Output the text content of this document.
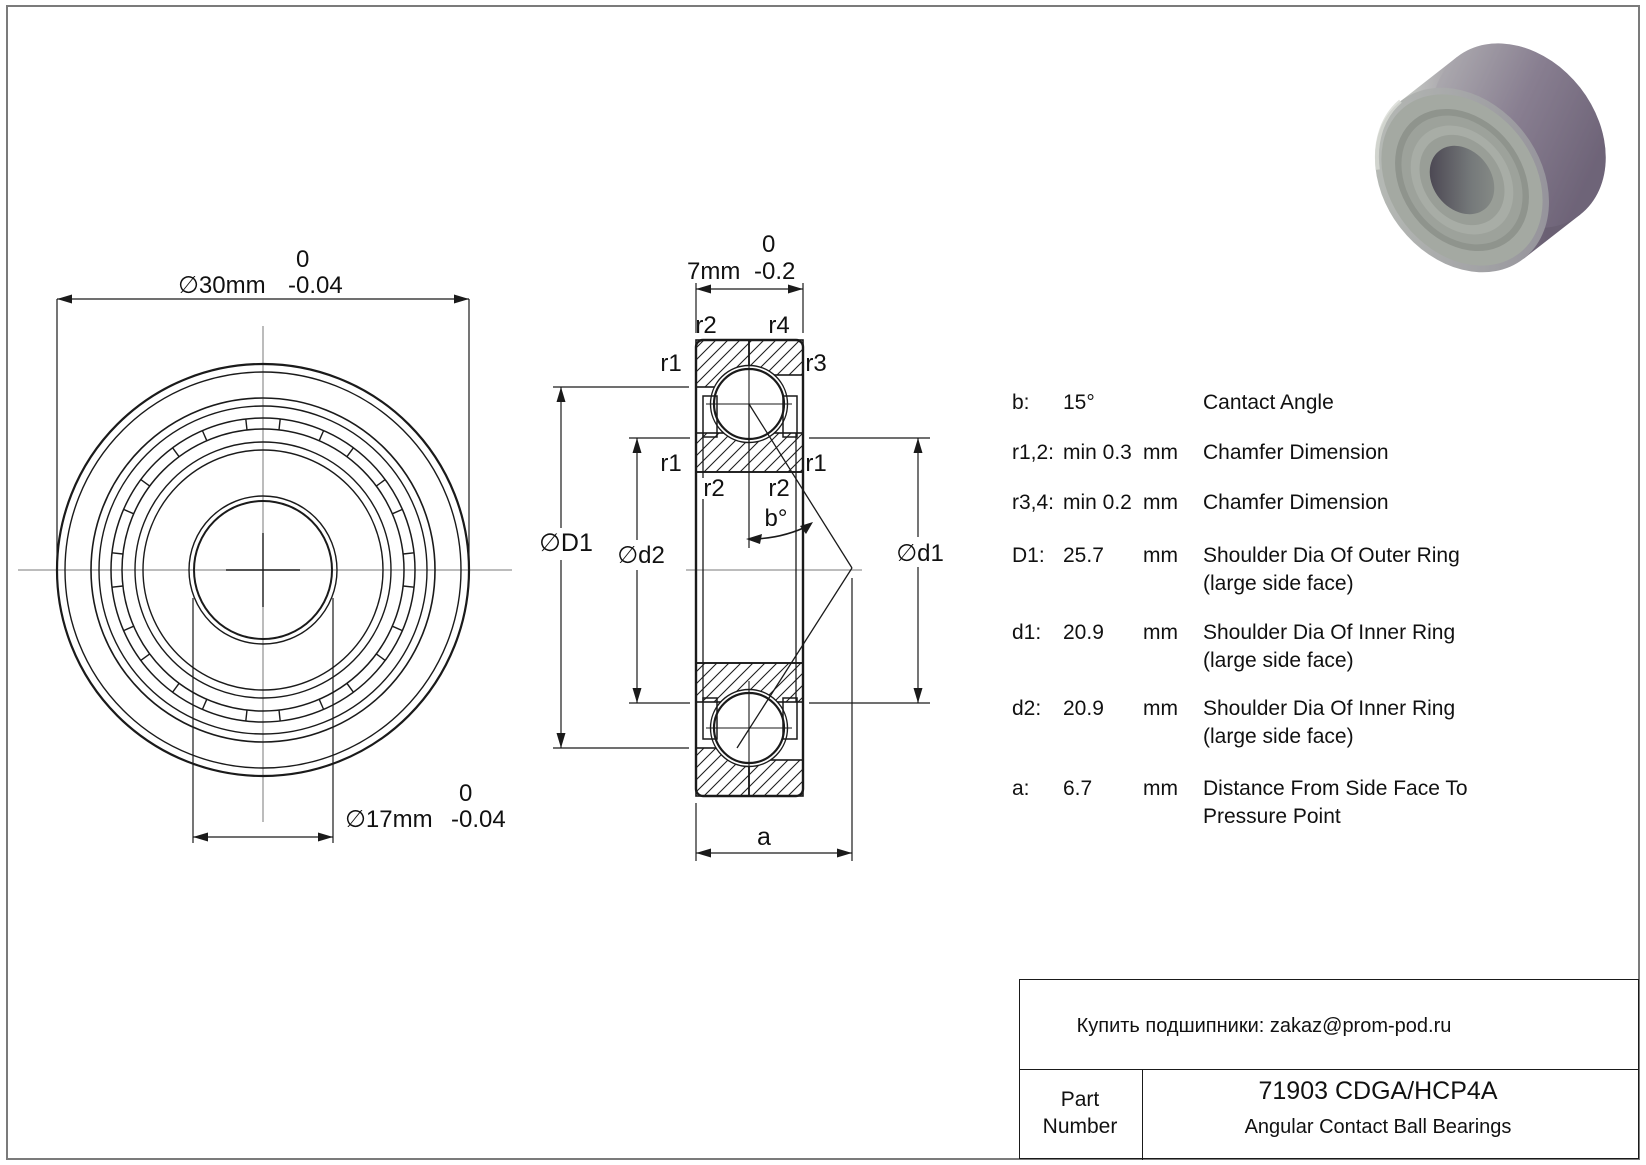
∅30mm -0.04
0
∅17mm -0.04
0
b°
r2 r4
r1	r3
r1	r1
r2 r2
7mm -0.2
0
∅D1 ∅d2	∅d1
a
b: 15°	Cantact Angle
r1,2: min 0.3 mm Chamfer Dimension
r3,4: min 0.2 mm Chamfer Dimension
D1: 25.7 mm Shoulder Dia Of Outer Ring
(large side face)
d1: 20.9 mm Shoulder Dia Of Inner Ring
(large side face)
d2: 20.9 mm Shoulder Dia Of Inner Ring
(large side face)
a: 6.7 mm Distance From Side Face To
Pressure Point
Купить подшипники: zakaz@prom-pod.ru
Part
Number
71903 CDGA/HCP4A
Angular Contact Ball Bearings
